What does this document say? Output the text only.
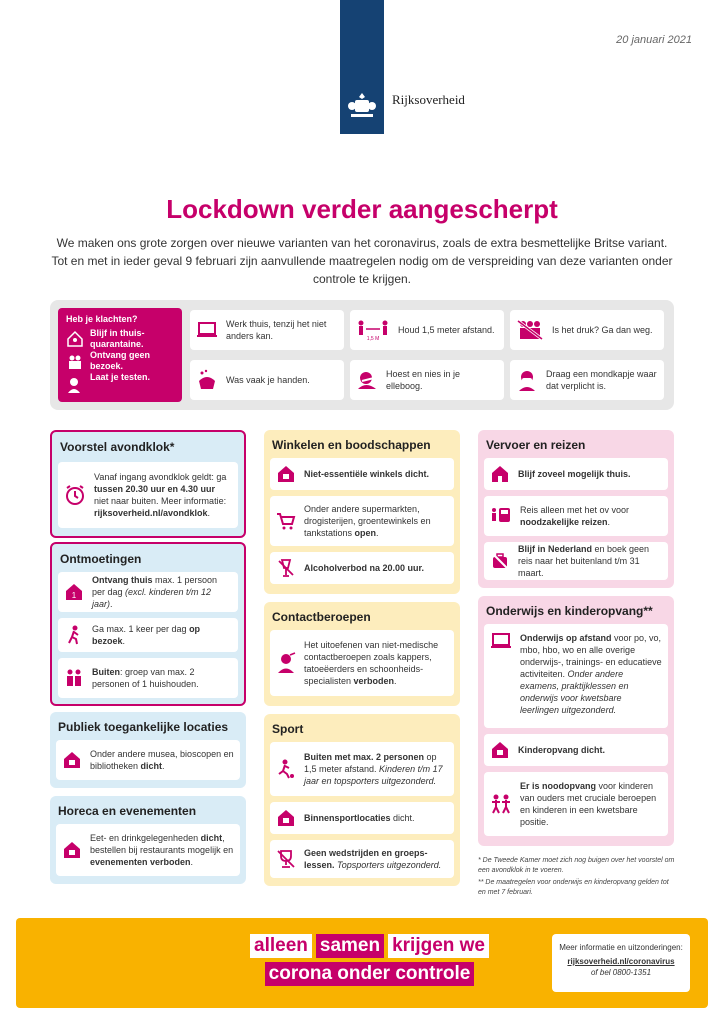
20 januari 2021
Rijksoverheid
Lockdown verder aangescherpt
We maken ons grote zorgen over nieuwe varianten van het coronavirus, zoals de extra besmettelijke Britse variant. Tot en met in ieder geval 9 februari zijn aanvullende maatregelen nodig om de verspreiding van deze varianten onder controle te krijgen.
Heb je klachten?
Blijf in thuis-
quarantaine.
Ontvang geen
bezoek.
Laat je testen.
Werk thuis, tenzij het niet anders kan.	1,5 M
Houd 1,5 meter afstand.	Is het druk? Ga dan weg.
Was vaak je handen.
Hoest en nies in je elleboog.
Draag een mondkapje waar dat verplicht is.
Voorstel avondklok*
Vanaf ingang avondklok geldt: ga tussen 20.30 uur en 4.30 uur niet naar buiten. Meer informatie: rijksoverheid.nl/avondklok.
Ontmoetingen
1
Ontvang thuis max. 1 persoon per dag (excl. kinderen t/m 12 jaar).
Ga max. 1 keer per dag op bezoek.
Buiten: groep van max. 2 personen of 1 huishouden.
Publiek toegankelijke locaties
Onder andere musea, bioscopen en bibliotheken dicht.
Horeca en evenementen
Eet- en drinkgelegenheden dicht, bestellen bij restaurants mogelijk en evenementen verboden.
Winkelen en boodschappen
Niet-essentiële winkels dicht.
Onder andere supermarkten, drogisterijen, groentewinkels en tankstations open.
Alcoholverbod na 20.00 uur.
Contactberoepen
Het uitoefenen van niet-medische contactberoepen zoals kappers, tatoeëerders en schoonheids-specialisten verboden.
Sport
Buiten met max. 2 personen op 1,5 meter afstand. Kinderen t/m 17 jaar en topsporters uitgezonderd.
Binnensportlocaties dicht.
Geen wedstrijden en groeps-lessen. Topsporters uitgezonderd.
Vervoer en reizen
Blijf zoveel mogelijk thuis.
Reis alleen met het ov voor noodzakelijke reizen.
Blijf in Nederland en boek geen reis naar het buitenland t/m 31 maart.
Onderwijs en kinderopvang**
Onderwijs op afstand voor po, vo, mbo, hbo, wo en alle overige onderwijs-, trainings- en educatieve activiteiten. Onder andere examens, praktijklessen en onderwijs voor kwetsbare leerlingen uitgezonderd.
Kinderopvang dicht.
Er is noodopvang voor kinderen van ouders met cruciale beroepen en kinderen in een kwetsbare positie.
* De Tweede Kamer moet zich nog buigen over het voorstel om een avondklok in te voeren.
** De maatregelen voor onderwijs en kinderopvang gelden tot en met 7 februari.
alleen samen krijgen we
corona onder controle
Meer informatie en uitzonderingen:
rijksoverheid.nl/coronavirus
of bel 0800-1351
